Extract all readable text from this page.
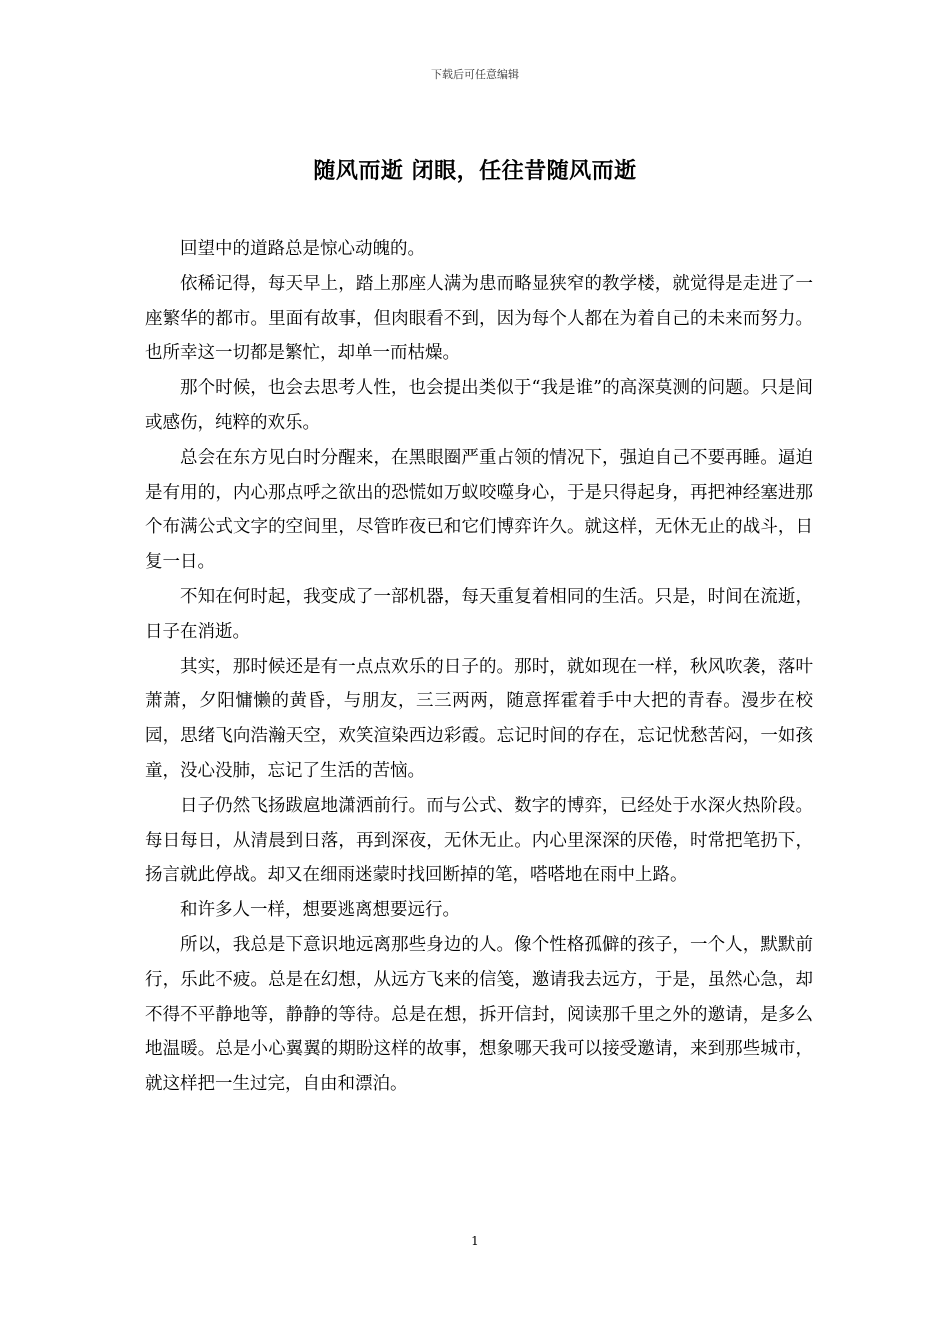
下载后可任意编辑
随风而逝 闭眼，任往昔随风而逝

回望中的道路总是惊心动魄的。

依稀记得，每天早上，踏上那座人满为患而略显狭窄的教学楼，就觉得是走进了一座繁华的都市。里面有故事，但肉眼看不到，因为每个人都在为着自己的未来而努力。也所幸这一切都是繁忙，却单一而枯燥。

那个时候，也会去思考人性，也会提出类似于“我是谁”的高深莫测的问题。只是间或感伤，纯粹的欢乐。

总会在东方见白时分醒来，在黑眼圈严重占领的情况下，强迫自己不要再睡。逼迫是有用的，内心那点呼之欲出的恐慌如万蚁咬噬身心，于是只得起身，再把神经塞进那个布满公式文字的空间里，尽管昨夜已和它们博弈许久。就这样，无休无止的战斗，日复一日。

不知在何时起，我变成了一部机器，每天重复着相同的生活。只是，时间在流逝，日子在消逝。

其实，那时候还是有一点点欢乐的日子的。那时，就如现在一样，秋风吹袭，落叶萧萧，夕阳慵懒的黄昏，与朋友，三三两两，随意挥霍着手中大把的青春。漫步在校园，思绪飞向浩瀚天空，欢笑渲染西边彩霞。忘记时间的存在，忘记忧愁苦闷，一如孩童，没心没肺，忘记了生活的苦恼。

日子仍然飞扬跋扈地潇洒前行。而与公式、数字的博弈，已经处于水深火热阶段。每日每日，从清晨到日落，再到深夜，无休无止。内心里深深的厌倦，时常把笔扔下，扬言就此停战。却又在细雨迷蒙时找回断掉的笔，嗒嗒地在雨中上路。

和许多人一样，想要逃离想要远行。

所以，我总是下意识地远离那些身边的人。像个性格孤僻的孩子，一个人，默默前行，乐此不疲。总是在幻想，从远方飞来的信笺，邀请我去远方，于是，虽然心急，却不得不平静地等，静静的等待。总是在想，拆开信封，阅读那千里之外的邀请，是多么地温暖。总是小心翼翼的期盼这样的故事，想象哪天我可以接受邀请，来到那些城市，就这样把一生过完，自由和漂泊。

1
